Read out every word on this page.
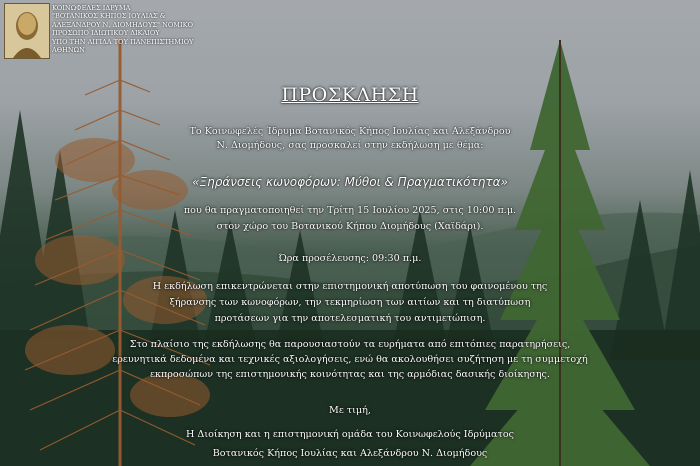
ΚΟΙΝΩΦΕΛΕΣ ΙΔΡΥΜΑ
"ΒΟΤΑΝΙΚΟΣ ΚΗΠΟΣ ΙΟΥΛΙΑΣ &
ΑΛΕΞΑΝΔΡΟΥ Ν. ΔΙΟΜΗΔΟΥΣ" ΝΟΜΙΚΟ
ΠΡΟΣΩΠΟ ΙΔΙΩΤΙΚΟΥ ΔΙΚΑΙΟΥ
ΥΠΟ ΤΗΝ ΑΙΓΙΔΑ ΤΟΥ ΠΑΝΕΠΙΣΤΗΜΙΟΥ
ΑΘΗΝΩΝ
ΠΡΟΣΚΛΗΣΗ
Το Κοινωφελές Ίδρυμα Βοτανικός Κήπος Ιουλίας και Αλεξάνδρου
Ν. Διομήδους, σας προσκαλεί στην εκδήλωση με θέμα:
«Ξηράνσεις κωνοφόρων: Μύθοι & Πραγματικότητα»
που θα πραγματοποιηθεί την Τρίτη 15 Ιουλίου 2025, στις 10:00 π.μ.
στον χώρο του Βοτανικού Κήπου Διομήδους (Χαϊδάρι).
Ώρα προσέλευσης: 09:30 π.μ.
Η εκδήλωση επικεντρώνεται στην επιστημονική αποτύπωση του φαινομένου της
ξήρανσης των κωνοφόρων, την τεκμηρίωση των αιτίων και τη διατύπωση
προτάσεων για την αποτελεσματική του αντιμετώπιση.
Στο πλαίσιο της εκδήλωσης θα παρουσιαστούν τα ευρήματα από επιτόπιες παρατηρήσεις,
ερευνητικά δεδομένα και τεχνικές αξιολογήσεις, ενώ θα ακολουθήσει συζήτηση με τη συμμετοχή
εκπροσώπων της επιστημονικής κοινότητας και της αρμόδιας δασικής διοίκησης.
Με τιμή,
Η Διοίκηση και η επιστημονική ομάδα του Κοινωφελούς Ιδρύματος
Βοτανικός Κήπος Ιουλίας και Αλεξάνδρου Ν. Διομήδους
